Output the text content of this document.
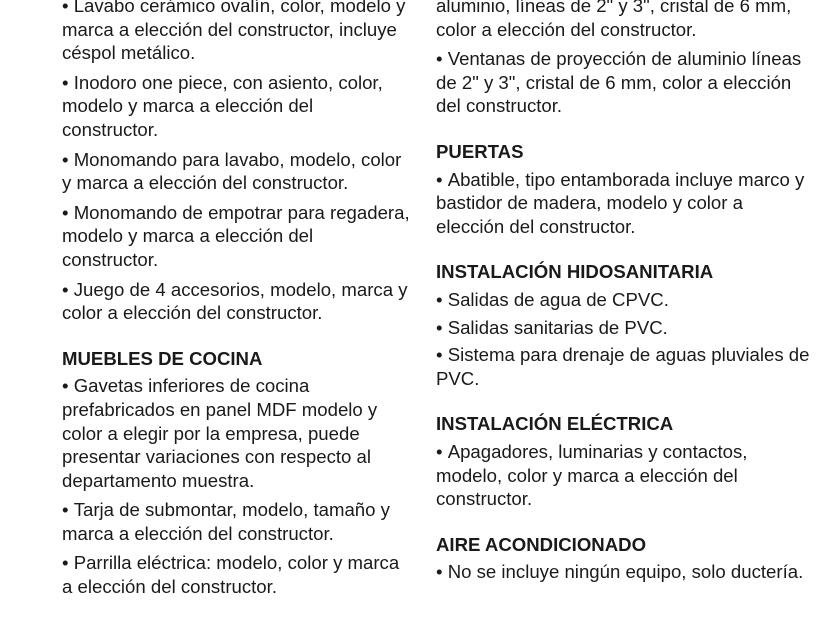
• Lavabo cerámico ovalín, color, modelo y marca a elección del constructor, incluye céspol metálico.
• Inodoro one piece, con asiento, color, modelo y marca a elección del constructor.
• Monomando para lavabo, modelo, color y marca a elección del constructor.
• Monomando de empotrar para regadera, modelo y marca a elección del constructor.
• Juego de 4 accesorios, modelo, marca y color a elección del constructor.
MUEBLES DE COCINA
• Gavetas inferiores de cocina prefabricados en panel MDF modelo y color a elegir por la empresa, puede presentar variaciones con respecto al departamento muestra.
• Tarja de submontar, modelo, tamaño y marca a elección del constructor.
• Parrilla eléctrica: modelo, color y marca a elección del constructor.
aluminio, líneas de 2" y 3", cristal de 6 mm, color a elección del constructor.
• Ventanas de proyección de aluminio líneas de 2" y 3", cristal de 6 mm, color a elección del constructor.
PUERTAS
• Abatible, tipo entamborada incluye marco y bastidor de madera, modelo y color a elección del constructor.
INSTALACIÓN HIDOSANITARIA
• Salidas de agua de CPVC.
• Salidas sanitarias de PVC.
• Sistema para drenaje de aguas pluviales de PVC.
INSTALACIÓN ELÉCTRICA
• Apagadores, luminarias y contactos, modelo, color y marca a elección del constructor.
AIRE ACONDICIONADO
• No se incluye ningún equipo, solo ductería.
